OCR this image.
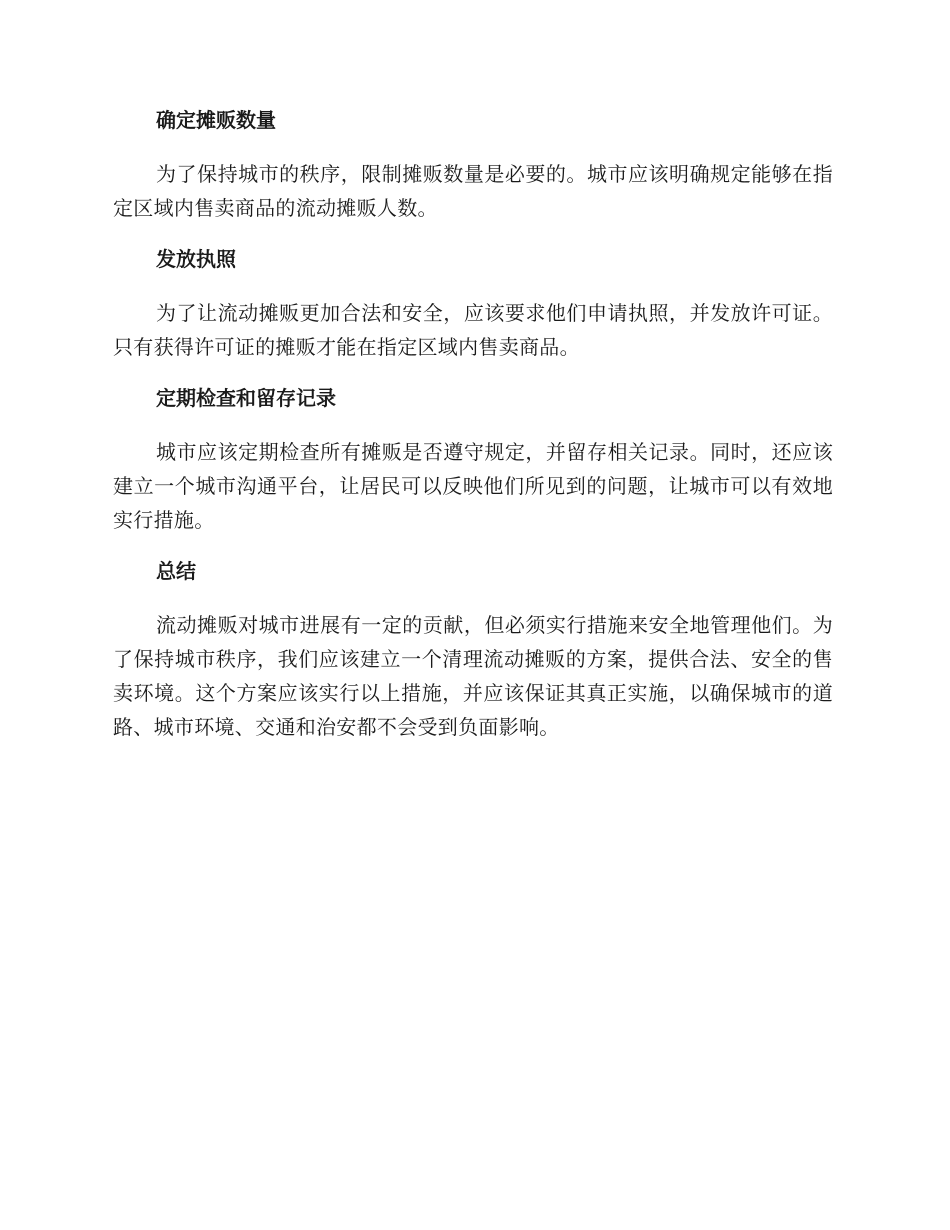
确定摊贩数量

为了保持城市的秩序，限制摊贩数量是必要的。城市应该明确规定能够在指定区域内售卖商品的流动摊贩人数。

发放执照

为了让流动摊贩更加合法和安全，应该要求他们申请执照，并发放许可证。只有获得许可证的摊贩才能在指定区域内售卖商品。

定期检查和留存记录

城市应该定期检查所有摊贩是否遵守规定，并留存相关记录。同时，还应该建立一个城市沟通平台，让居民可以反映他们所见到的问题，让城市可以有效地实行措施。

总结

流动摊贩对城市进展有一定的贡献，但必须实行措施来安全地管理他们。为了保持城市秩序，我们应该建立一个清理流动摊贩的方案，提供合法、安全的售卖环境。这个方案应该实行以上措施，并应该保证其真正实施，以确保城市的道路、城市环境、交通和治安都不会受到负面影响。
